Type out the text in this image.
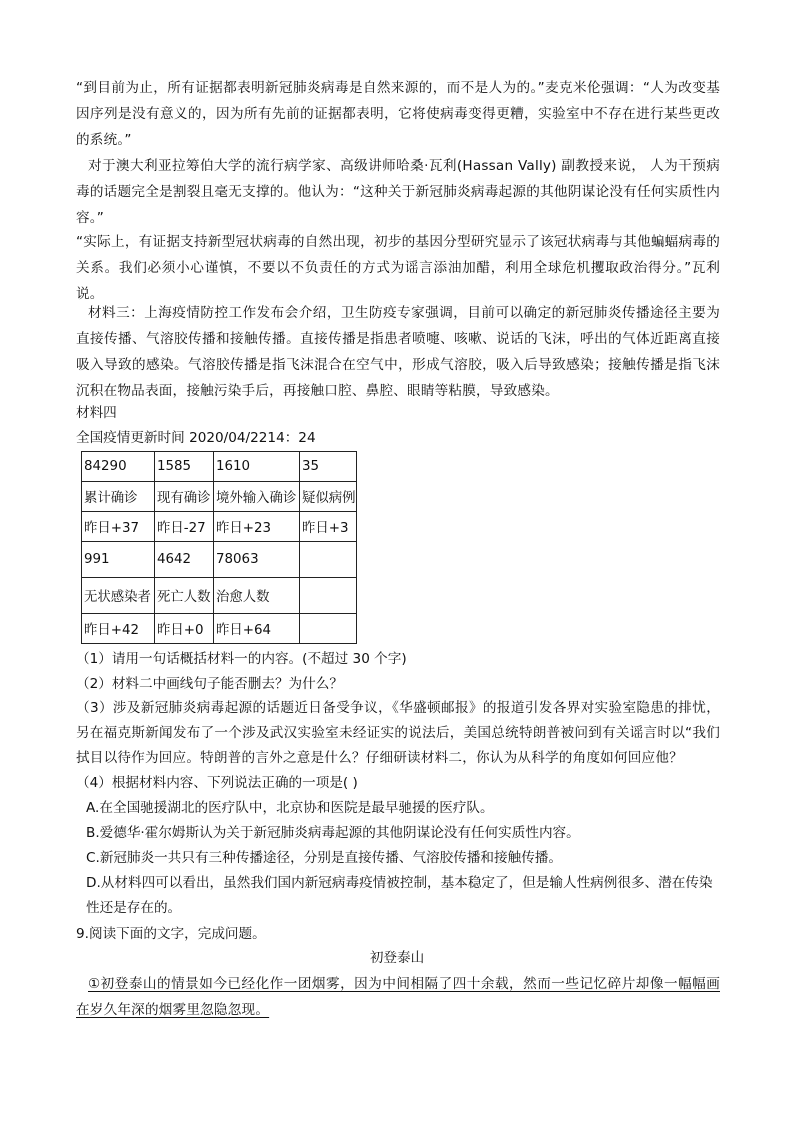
“到目前为止，所有证据都表明新冠肺炎病毒是自然来源的，而不是人为的。”麦克米伦强调：“人为改变基因序列是没有意义的，因为所有先前的证据都表明，它将使病毒变得更糟，实验室中不存在进行某些更改的系统。”

对于澳大利亚拉筹伯大学的流行病学家、高级讲师哈桑·瓦利(Hassan Vally) 副教授来说， 人为干预病毒的话题完全是割裂且毫无支撑的。他认为：“这种关于新冠肺炎病毒起源的其他阴谋论没有任何实质性内容。”

“实际上，有证据支持新型冠状病毒的自然出现，初步的基因分型研究显示了该冠状病毒与其他蝙蝠病毒的关系。我们必须小心谨慎，不要以不负责任的方式为谣言添油加醋，利用全球危机攫取政治得分。”瓦利说。

材料三：上海疫情防控工作发布会介绍，卫生防疫专家强调，目前可以确定的新冠肺炎传播途径主要为直接传播、气溶胶传播和接触传播。直接传播是指患者喷嚏、咳嗽、说话的飞沫，呼出的气体近距离直接吸入导致的感染。气溶胶传播是指飞沫混合在空气中，形成气溶胶，吸入后导致感染；接触传播是指飞沫沉积在物品表面，接触污染手后，再接触口腔、鼻腔、眼睛等粘膜，导致感染。

材料四

全国疫情更新时间 2020/04/2214：24

84290	1585	1610	35
累计确诊	现有确诊	境外输入确诊	疑似病例
昨日+37	昨日-27	昨日+23	昨日+3
991	4642	78063	
无状感染者	死亡人数	治愈人数	
昨日+42	昨日+0	昨日+64	

（1）请用一句话概括材料一的内容。(不超过 30 个字)

（2）材料二中画线句子能否删去？为什么？

（3）涉及新冠肺炎病毒起源的话题近日备受争议，《华盛顿邮报》的报道引发各界对实验室隐患的排忧，另在福克斯新闻发布了一个涉及武汉实验室未经证实的说法后，美国总统特朗普被问到有关谣言时以“我们拭目以待作为回应。特朗普的言外之意是什么？仔细研读材料二，你认为从科学的角度如何回应他？

（4）根据材料内容、下列说法正确的一项是( )

A.在全国驰援湖北的医疗队中，北京协和医院是最早驰援的医疗队。
B.爱德华·霍尔姆斯认为关于新冠肺炎病毒起源的其他阴谋论没有任何实质性内容。
C.新冠肺炎一共只有三种传播途径，分别是直接传播、气溶胶传播和接触传播。
D.从材料四可以看出，虽然我们国内新冠病毒疫情被控制，基本稳定了，但是输人性病例很多、潜在传染性还是存在的。

9.阅读下面的文字，完成问题。

初登泰山

①初登泰山的情景如今已经化作一团烟雾，因为中间相隔了四十余载，然而一些记忆碎片却像一幅幅画在岁久年深的烟雾里忽隐忽现。
